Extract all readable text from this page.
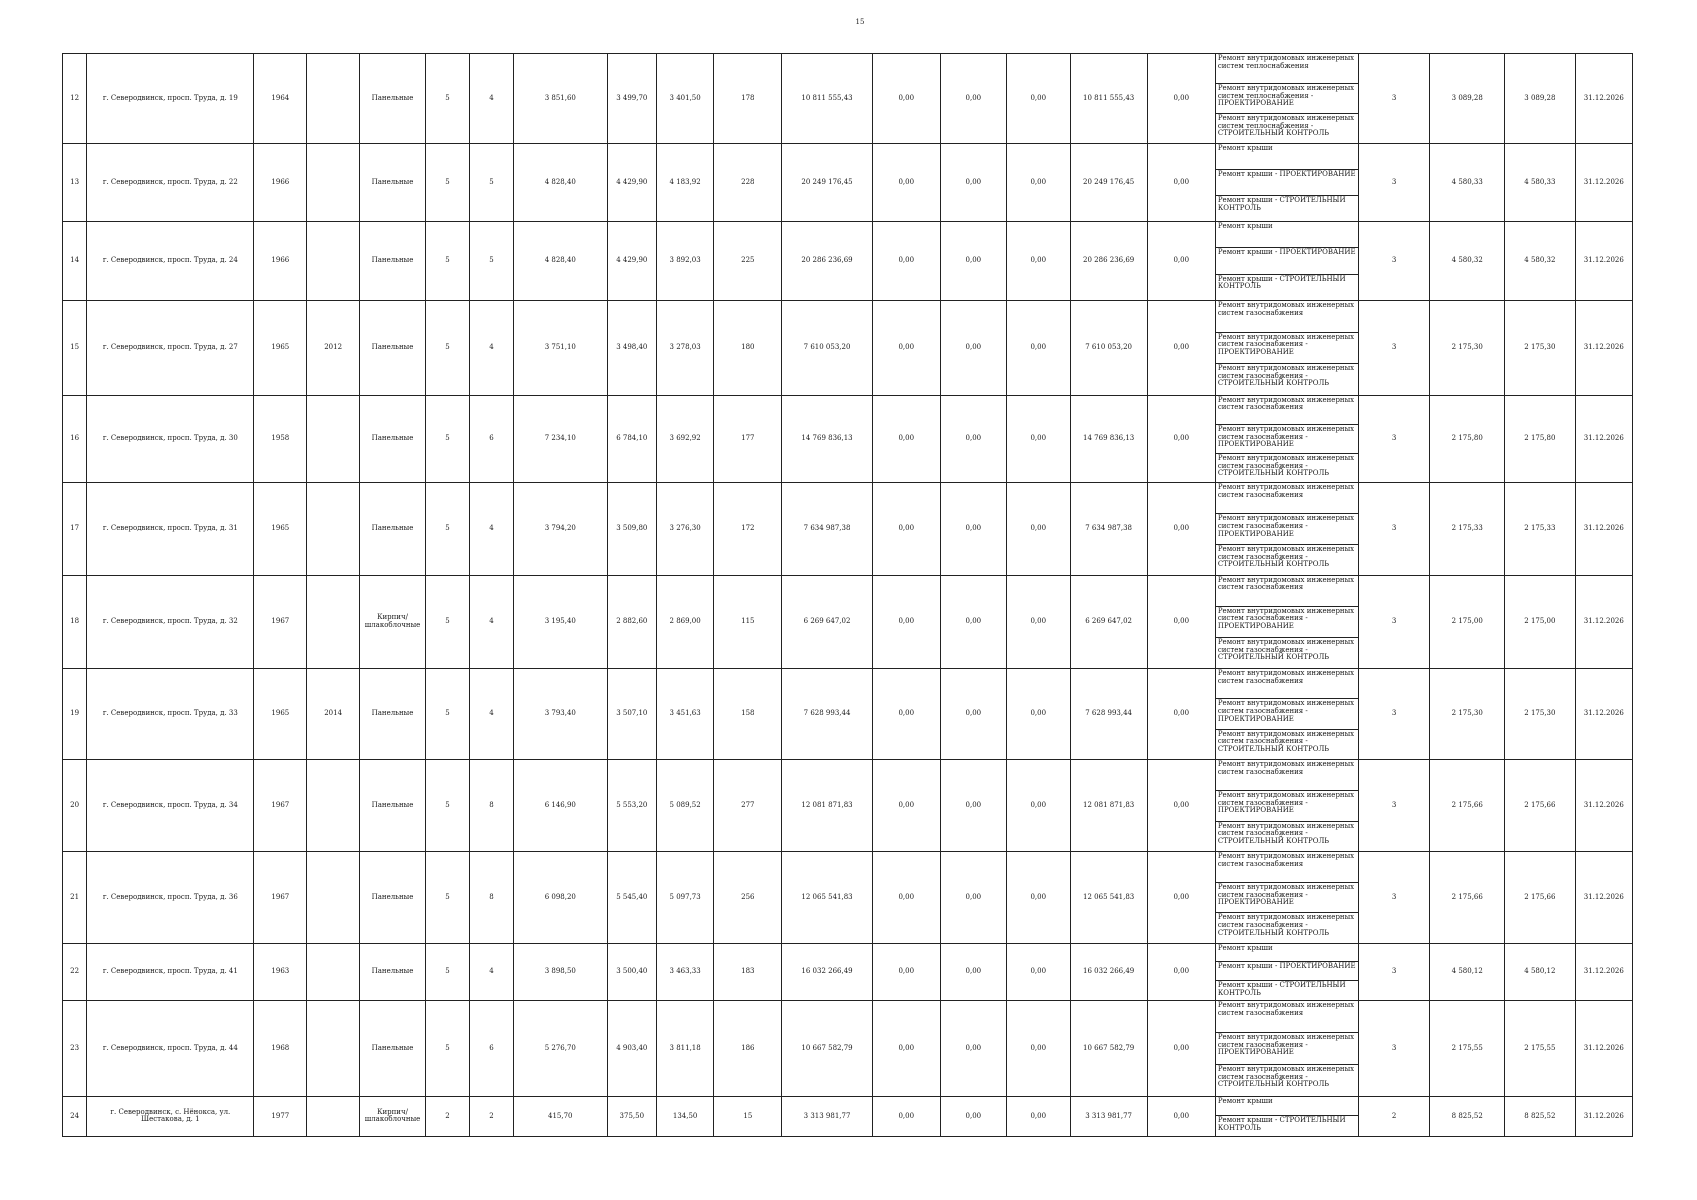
15
12	г. Северодвинск, просп. Труда, д. 19	1964		Панельные	5	4	3 851,60	3 499,70	3 401,50	178	10 811 555,43	0,00	0,00	0,00	10 811 555,43	0,00	Ремонт внутридомовых инженерных систем теплоснабжения	3	3 089,28	3 089,28	31.12.2026
																	Ремонт внутридомовых инженерных систем теплоснабжения - ПРОЕКТИРОВАНИЕ				
																	Ремонт внутридомовых инженерных систем теплоснабжения - СТРОИТЕЛЬНЫЙ КОНТРОЛЬ				
13	г. Северодвинск, просп. Труда, д. 22	1966		Панельные	5	5	4 828,40	4 429,90	4 183,92	228	20 249 176,45	0,00	0,00	0,00	20 249 176,45	0,00	Ремонт крыши	3	4 580,33	4 580,33	31.12.2026
																	Ремонт крыши - ПРОЕКТИРОВАНИЕ				
																	Ремонт крыши - СТРОИТЕЛЬНЫЙ КОНТРОЛЬ				
14	г. Северодвинск, просп. Труда, д. 24	1966		Панельные	5	5	4 828,40	4 429,90	3 892,03	225	20 286 236,69	0,00	0,00	0,00	20 286 236,69	0,00	Ремонт крыши	3	4 580,32	4 580,32	31.12.2026
																	Ремонт крыши - ПРОЕКТИРОВАНИЕ				
																	Ремонт крыши - СТРОИТЕЛЬНЫЙ КОНТРОЛЬ				
15	г. Северодвинск, просп. Труда, д. 27	1965	2012	Панельные	5	4	3 751,10	3 498,40	3 278,03	180	7 610 053,20	0,00	0,00	0,00	7 610 053,20	0,00	Ремонт внутридомовых инженерных систем газоснабжения	3	2 175,30	2 175,30	31.12.2026
																	Ремонт внутридомовых инженерных систем газоснабжения - ПРОЕКТИРОВАНИЕ				
																	Ремонт внутридомовых инженерных систем газоснабжения - СТРОИТЕЛЬНЫЙ КОНТРОЛЬ				
16	г. Северодвинск, просп. Труда, д. 30	1958		Панельные	5	6	7 234,10	6 784,10	3 692,92	177	14 769 836,13	0,00	0,00	0,00	14 769 836,13	0,00	Ремонт внутридомовых инженерных систем газоснабжения	3	2 175,80	2 175,80	31.12.2026
																	Ремонт внутридомовых инженерных систем газоснабжения - ПРОЕКТИРОВАНИЕ				
																	Ремонт внутридомовых инженерных систем газоснабжения - СТРОИТЕЛЬНЫЙ КОНТРОЛЬ				
17	г. Северодвинск, просп. Труда, д. 31	1965		Панельные	5	4	3 794,20	3 509,80	3 276,30	172	7 634 987,38	0,00	0,00	0,00	7 634 987,38	0,00	Ремонт внутридомовых инженерных систем газоснабжения	3	2 175,33	2 175,33	31.12.2026
																	Ремонт внутридомовых инженерных систем газоснабжения - ПРОЕКТИРОВАНИЕ				
																	Ремонт внутридомовых инженерных систем газоснабжения - СТРОИТЕЛЬНЫЙ КОНТРОЛЬ				
18	г. Северодвинск, просп. Труда, д. 32	1967		Кирпич/ шлакоблочные	5	4	3 195,40	2 882,60	2 869,00	115	6 269 647,02	0,00	0,00	0,00	6 269 647,02	0,00	Ремонт внутридомовых инженерных систем газоснабжения	3	2 175,00	2 175,00	31.12.2026
																	Ремонт внутридомовых инженерных систем газоснабжения - ПРОЕКТИРОВАНИЕ				
																	Ремонт внутридомовых инженерных систем газоснабжения - СТРОИТЕЛЬНЫЙ КОНТРОЛЬ				
19	г. Северодвинск, просп. Труда, д. 33	1965	2014	Панельные	5	4	3 793,40	3 507,10	3 451,63	158	7 628 993,44	0,00	0,00	0,00	7 628 993,44	0,00	Ремонт внутридомовых инженерных систем газоснабжения	3	2 175,30	2 175,30	31.12.2026
																	Ремонт внутридомовых инженерных систем газоснабжения - ПРОЕКТИРОВАНИЕ				
																	Ремонт внутридомовых инженерных систем газоснабжения - СТРОИТЕЛЬНЫЙ КОНТРОЛЬ				
20	г. Северодвинск, просп. Труда, д. 34	1967		Панельные	5	8	6 146,90	5 553,20	5 089,52	277	12 081 871,83	0,00	0,00	0,00	12 081 871,83	0,00	Ремонт внутридомовых инженерных систем газоснабжения	3	2 175,66	2 175,66	31.12.2026
																	Ремонт внутридомовых инженерных систем газоснабжения - ПРОЕКТИРОВАНИЕ				
																	Ремонт внутридомовых инженерных систем газоснабжения - СТРОИТЕЛЬНЫЙ КОНТРОЛЬ				
21	г. Северодвинск, просп. Труда, д. 36	1967		Панельные	5	8	6 098,20	5 545,40	5 097,73	256	12 065 541,83	0,00	0,00	0,00	12 065 541,83	0,00	Ремонт внутридомовых инженерных систем газоснабжения	3	2 175,66	2 175,66	31.12.2026
																	Ремонт внутридомовых инженерных систем газоснабжения - ПРОЕКТИРОВАНИЕ				
																	Ремонт внутридомовых инженерных систем газоснабжения - СТРОИТЕЛЬНЫЙ КОНТРОЛЬ				
22	г. Северодвинск, просп. Труда, д. 41	1963		Панельные	5	4	3 898,50	3 500,40	3 463,33	183	16 032 266,49	0,00	0,00	0,00	16 032 266,49	0,00	Ремонт крыши	3	4 580,12	4 580,12	31.12.2026
																	Ремонт крыши - ПРОЕКТИРОВАНИЕ				
																	Ремонт крыши - СТРОИТЕЛЬНЫЙ КОНТРОЛЬ				
23	г. Северодвинск, просп. Труда, д. 44	1968		Панельные	5	6	5 276,70	4 903,40	3 811,18	186	10 667 582,79	0,00	0,00	0,00	10 667 582,79	0,00	Ремонт внутридомовых инженерных систем газоснабжения	3	2 175,55	2 175,55	31.12.2026
																	Ремонт внутридомовых инженерных систем газоснабжения - ПРОЕКТИРОВАНИЕ				
																	Ремонт внутридомовых инженерных систем газоснабжения - СТРОИТЕЛЬНЫЙ КОНТРОЛЬ				
24	г. Северодвинск, с. Нёнокса, ул. Шестакова, д. 1	1977		Кирпич/ шлакоблочные	2	2	415,70	375,50	134,50	15	3 313 981,77	0,00	0,00	0,00	3 313 981,77	0,00	Ремонт крыши	2	8 825,52	8 825,52	31.12.2026
																	Ремонт крыши - СТРОИТЕЛЬНЫЙ КОНТРОЛЬ				
